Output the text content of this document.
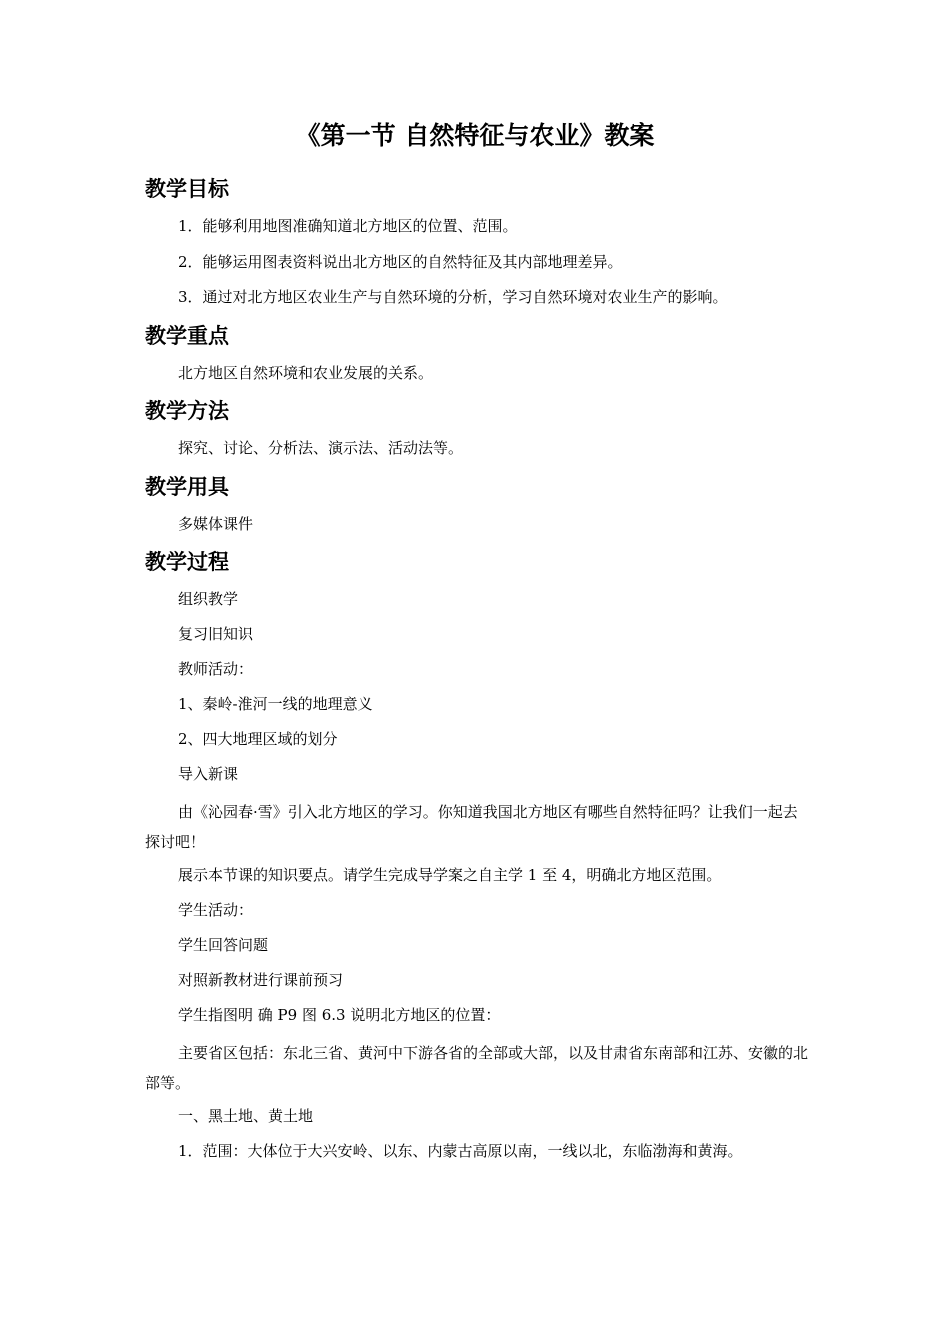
《第一节 自然特征与农业》教案
教学目标

1．能够利用地图准确知道北方地区的位置、范围。

2．能够运用图表资料说出北方地区的自然特征及其内部地理差异。

3．通过对北方地区农业生产与自然环境的分析，学习自然环境对农业生产的影响。

教学重点

北方地区自然环境和农业发展的关系。

教学方法

探究、讨论、分析法、演示法、活动法等。

教学用具

多媒体课件

教学过程

组织教学

复习旧知识

教师活动：

1、秦岭-淮河一线的地理意义

2、四大地理区域的划分

导入新课

由《沁园春·雪》引入北方地区的学习。你知道我国北方地区有哪些自然特征吗？让我们一起去探讨吧！

展示本节课的知识要点。请学生完成导学案之自主学 1 至 4，明确北方地区范围。

学生活动：

学生回答问题

对照新教材进行课前预习

学生指图明 确 P9 图 6.3 说明北方地区的位置：

主要省区包括：东北三省、黄河中下游各省的全部或大部，以及甘肃省东南部和江苏、安徽的北部等。

一、黑土地、黄土地

1．范围：大体位于大兴安岭、以东、内蒙古高原以南，一线以北，东临渤海和黄海。
